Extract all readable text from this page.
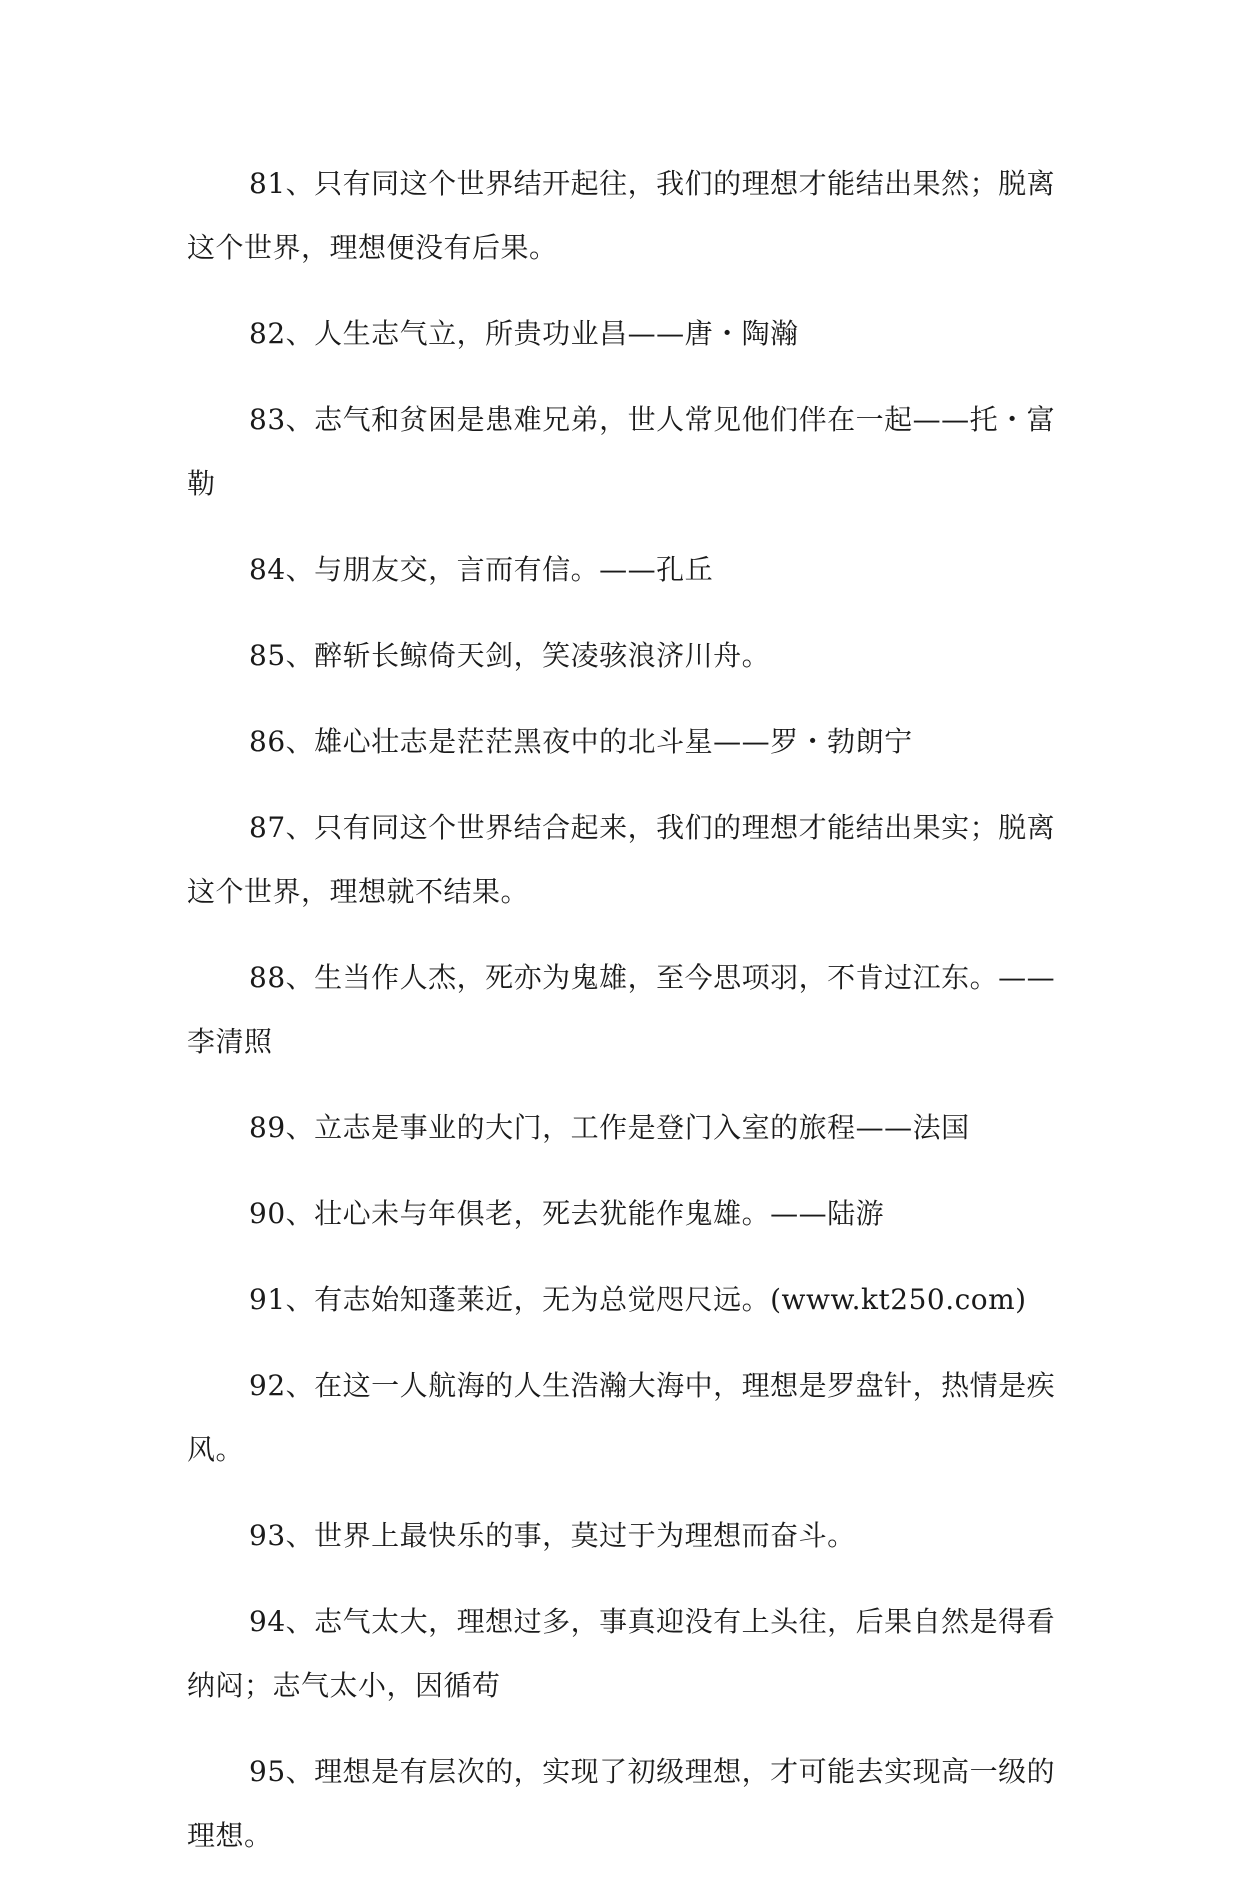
81、只有同这个世界结开起往，我们的理想才能结出果然；脱离这个世界，理想便没有后果。

82、人生志气立，所贵功业昌——唐・陶瀚

83、志气和贫困是患难兄弟，世人常见他们伴在一起——托・富勒

84、与朋友交，言而有信。——孔丘

85、醉斩长鲸倚天剑，笑凌骇浪济川舟。

86、雄心壮志是茫茫黑夜中的北斗星——罗・勃朗宁

87、只有同这个世界结合起来，我们的理想才能结出果实；脱离这个世界，理想就不结果。

88、生当作人杰，死亦为鬼雄，至今思项羽，不肯过江东。——李清照

89、立志是事业的大门，工作是登门入室的旅程——法国

90、壮心未与年俱老，死去犹能作鬼雄。——陆游

91、有志始知蓬莱近，无为总觉咫尺远。(www.kt250.com)

92、在这一人航海的人生浩瀚大海中，理想是罗盘针，热情是疾风。

93、世界上最快乐的事，莫过于为理想而奋斗。

94、志气太大，理想过多，事真迎没有上头往，后果自然是得看纳闷；志气太小，因循苟

95、理想是有层次的，实现了初级理想，才可能去实现高一级的理想。
